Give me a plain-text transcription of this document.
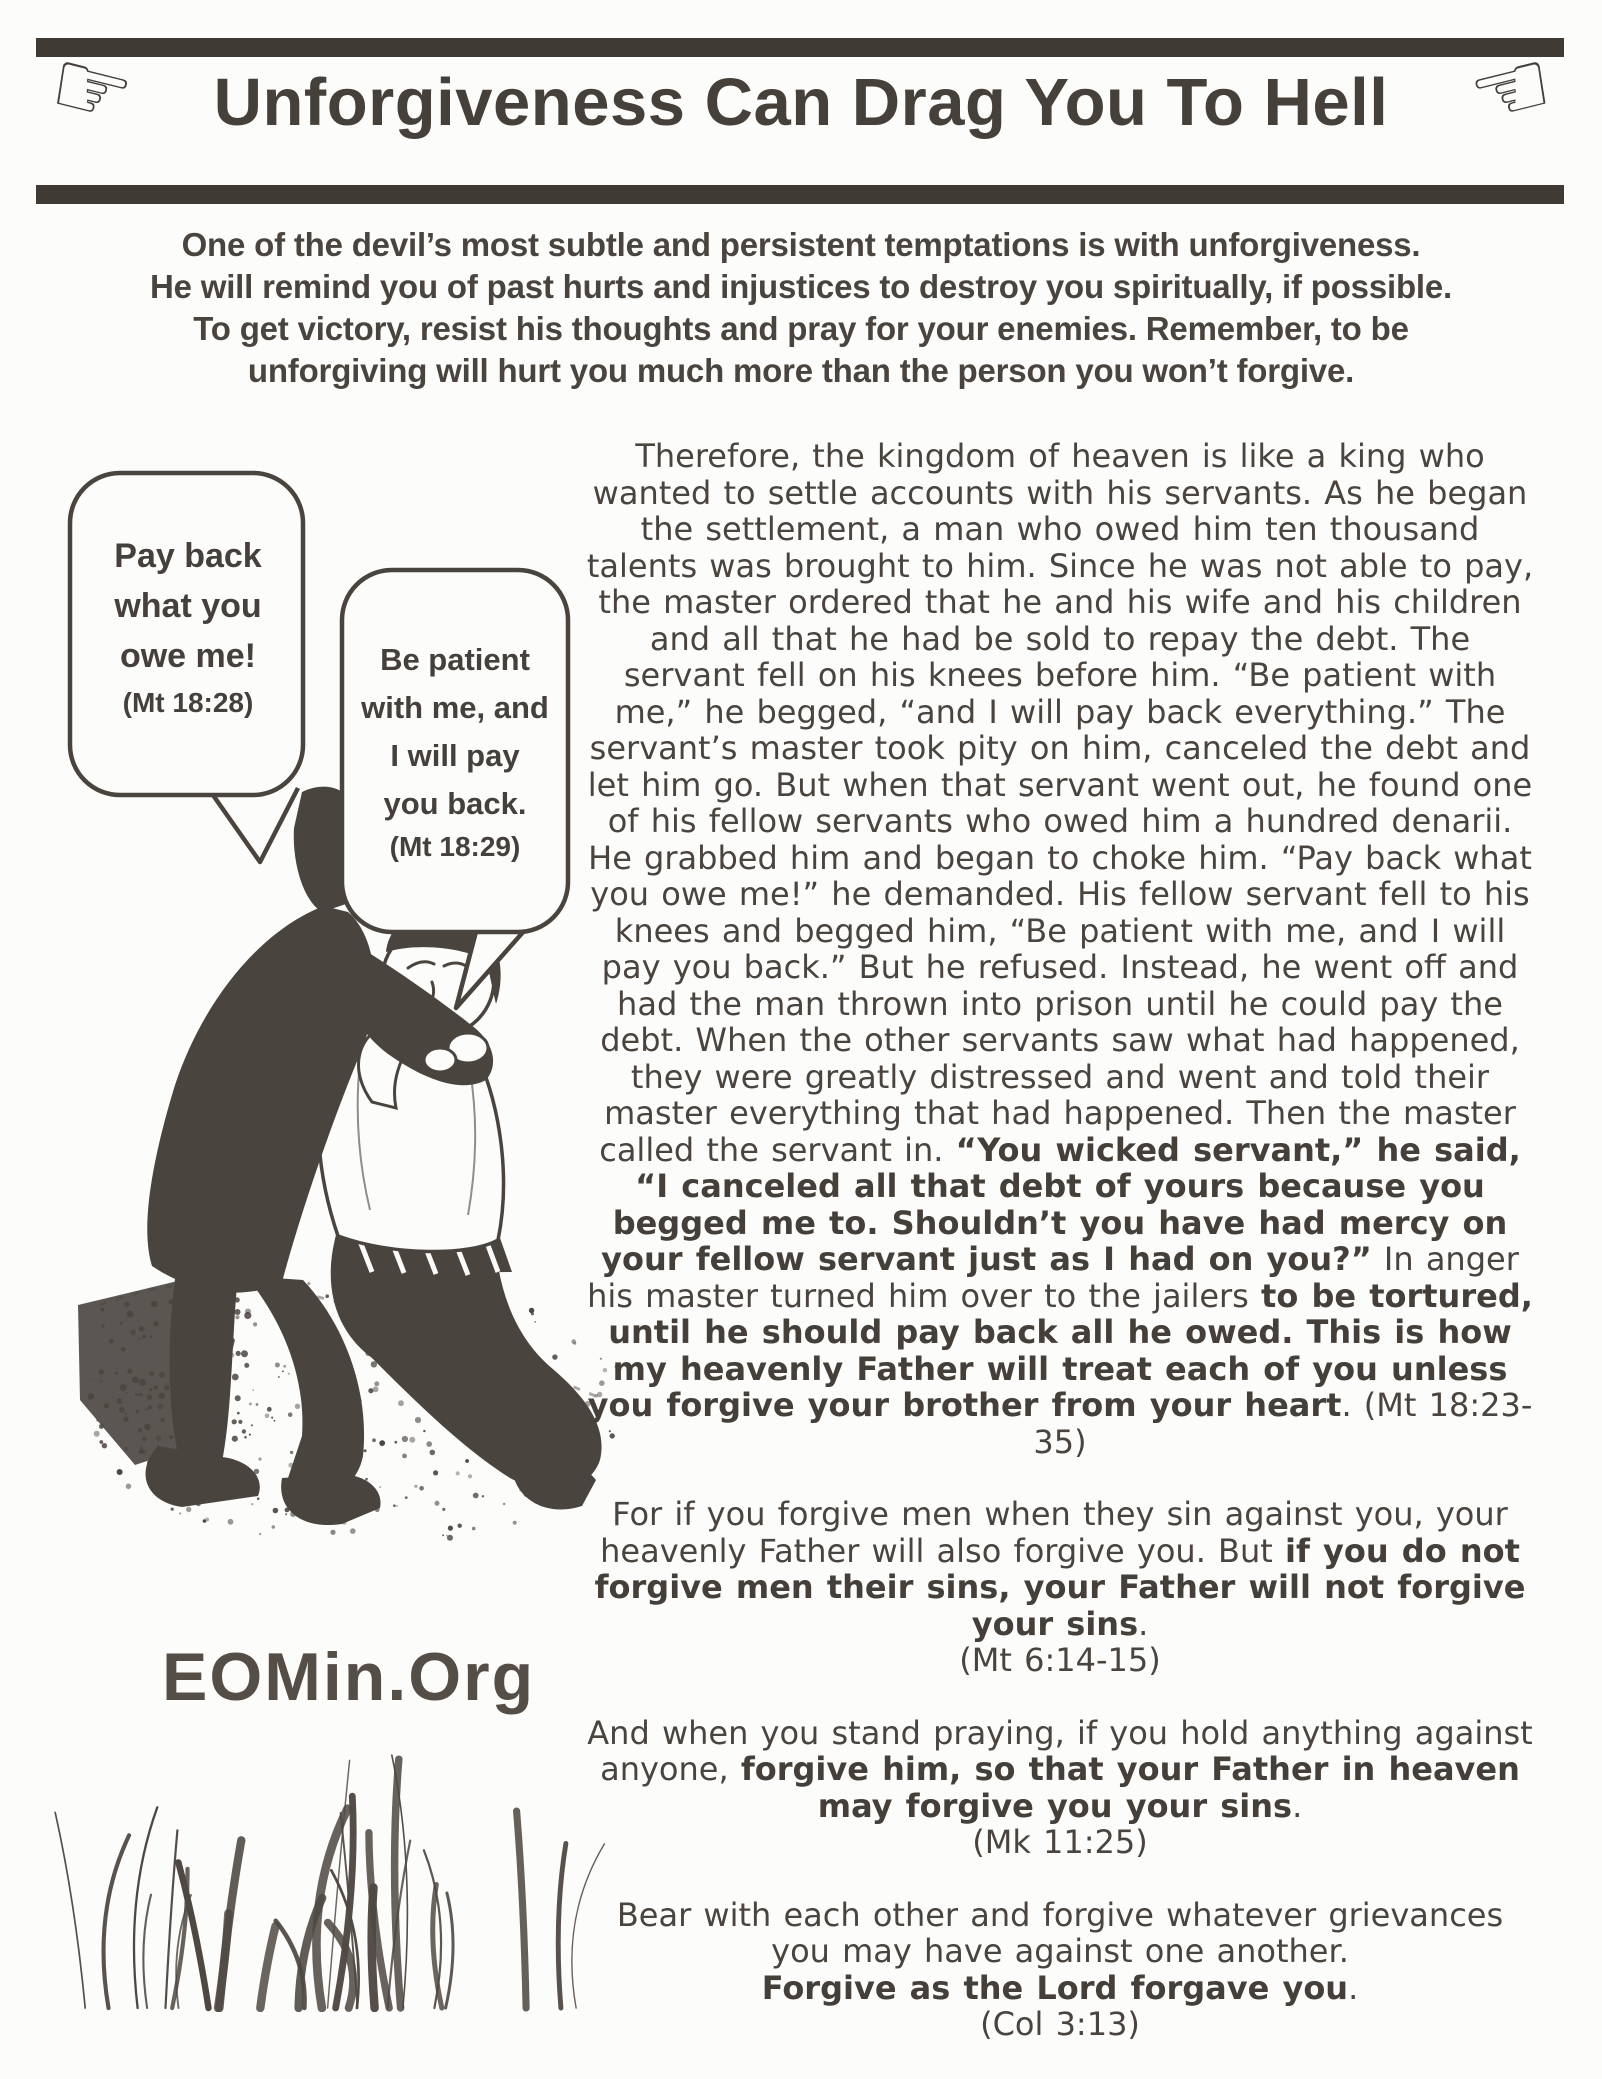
☞	Unforgiveness Can Drag You To Hell ☜
One of the devil’s most subtle and persistent temptations is with unforgiveness.
He will remind you of past hurts and injustices to destroy you spiritually, if possible.
To get victory, resist his thoughts and pray for your enemies. Remember, to be
unforgiving will hurt you much more than the person you won’t forgive.
Pay back
what you
owe me!
(Mt 18:28)
Be patient
with me, and
I will pay
you back.
(Mt 18:29)
EOMin.Org

Therefore, the kingdom of heaven is like a king who wanted to settle accounts with his servants. As he began the settlement, a man who owed him ten thousand talents was brought to him. Since he was not able to pay, the master ordered that he and his wife and his children and all that he had be sold to repay the debt. The servant fell on his knees before him. “Be patient with me,” he begged, “and I will pay back everything.” The servant’s master took pity on him, canceled the debt and let him go. But when that servant went out, he found one of his fellow servants who owed him a hundred denarii. He grabbed him and began to choke him. “Pay back what you owe me!” he demanded. His fellow servant fell to his knees and begged him, “Be patient with me, and I will pay you back.” But he refused. Instead, he went off and had the man thrown into prison until he could pay the debt. When the other servants saw what had happened, they were greatly distressed and went and told their master everything that had happened. Then the master called the servant in. “You wicked servant,” he said, “I canceled all that debt of yours because you begged me to. Shouldn’t you have had mercy on your fellow servant just as I had on you?” In anger his master turned him over to the jailers to be tortured, until he should pay back all he owed. This is how my heavenly Father will treat each of you unless you forgive your brother from your heart. (Mt 18:23-35)

For if you forgive men when they sin against you, your heavenly Father will also forgive you. But if you do not forgive men their sins, your Father will not forgive your sins.
(Mt 6:14-15)

And when you stand praying, if you hold anything against anyone, forgive him, so that your Father in heaven may forgive you your sins.
(Mk 11:25)

Bear with each other and forgive whatever grievances you may have against one another.
Forgive as the Lord forgave you.
(Col 3:13)
